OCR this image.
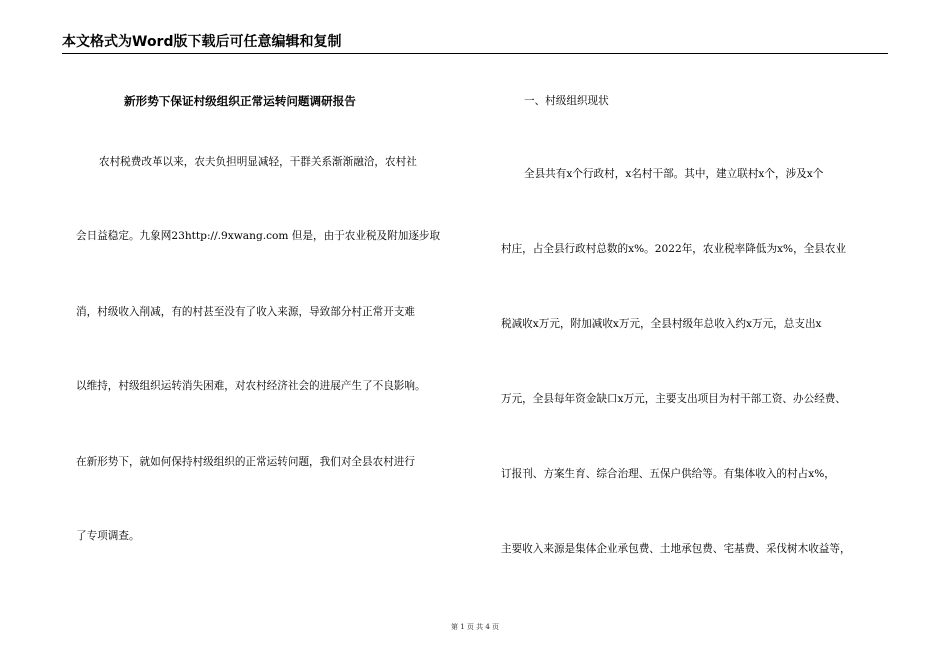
本文格式为Word版下载后可任意编辑和复制
新形势下保证村级组织正常运转问题调研报告
农村税费改革以来，农夫负担明显减轻，干群关系渐渐融洽，农村社
会日益稳定。九象网23http://.9xwang.com 但是，由于农业税及附加逐步取
消，村级收入削减，有的村甚至没有了收入来源，导致部分村正常开支难
以维持，村级组织运转消失困难，对农村经济社会的进展产生了不良影响。
在新形势下，就如何保持村级组织的正常运转问题，我们对全县农村进行
了专项调查。
一、村级组织现状
全县共有x个行政村，x名村干部。其中，建立联村x个，涉及x个
村庄，占全县行政村总数的x%。2022年，农业税率降低为x%，全县农业
税减收x万元，附加减收x万元，全县村级年总收入约x万元，总支出x
万元，全县每年资金缺口x万元，主要支出项目为村干部工资、办公经费、
订报刊、方案生育、综合治理、五保户供给等。有集体收入的村占x%，
主要收入来源是集体企业承包费、土地承包费、宅基费、采伐树木收益等，
第 1 页 共 4 页
